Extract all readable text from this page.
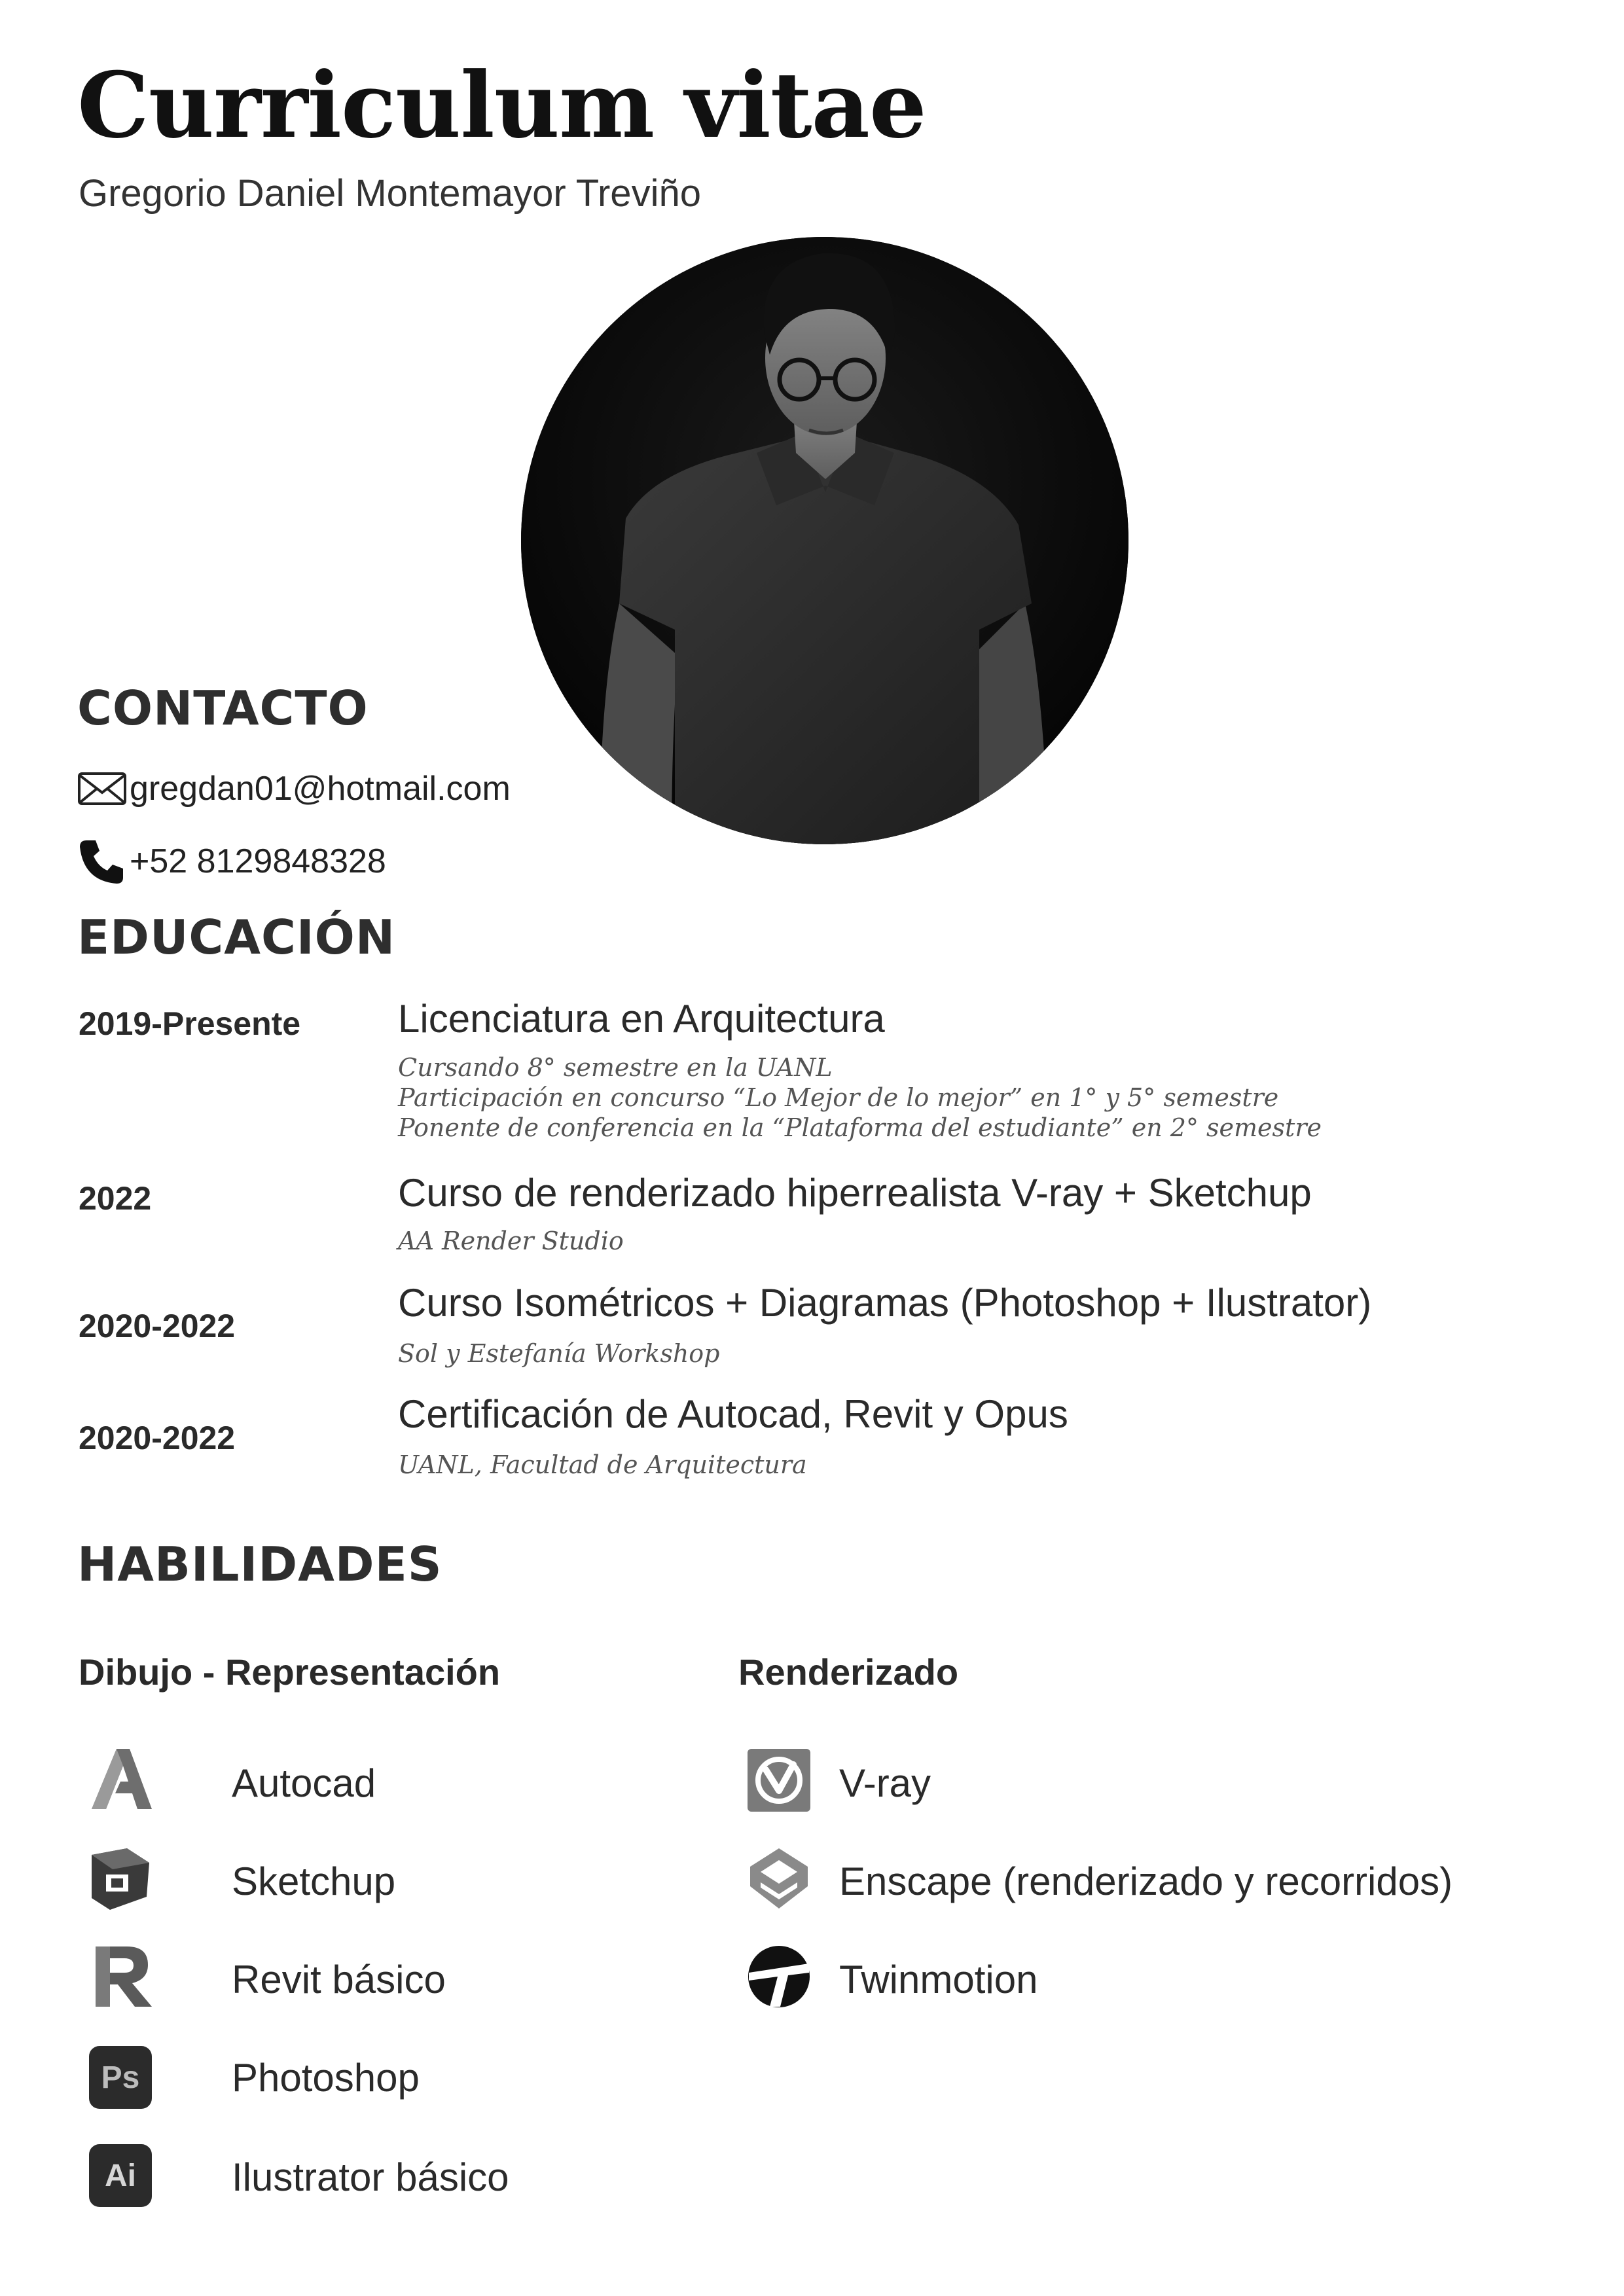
Curriculum vitae
Gregorio Daniel Montemayor Treviño
CONTACTO
gregdan01@hotmail.com
+52 8129848328
EDUCACIÓN
2019-Presente Licenciatura en Arquitectura
Cursando 8° semestre en la UANL
Participación en concurso “Lo Mejor de lo mejor” en 1° y 5° semestre
Ponente de conferencia en la “Plataforma del estudiante” en 2° semestre
2022	Curso de renderizado hiperrealista V-ray + Sketchup
AA Render Studio
2020-2022
Curso Isométricos + Diagramas (Photoshop + Ilustrator)
Sol y Estefanía Workshop
2020-2022
Certificación de Autocad, Revit y Opus
UANL, Facultad de Arquitectura
HABILIDADES
Dibujo - Representación	Renderizado
Autocad
Sketchup
Revit básico
Ps Photoshop
Ai Ilustrator básico
V-ray
Enscape (renderizado y recorridos)
Twinmotion
